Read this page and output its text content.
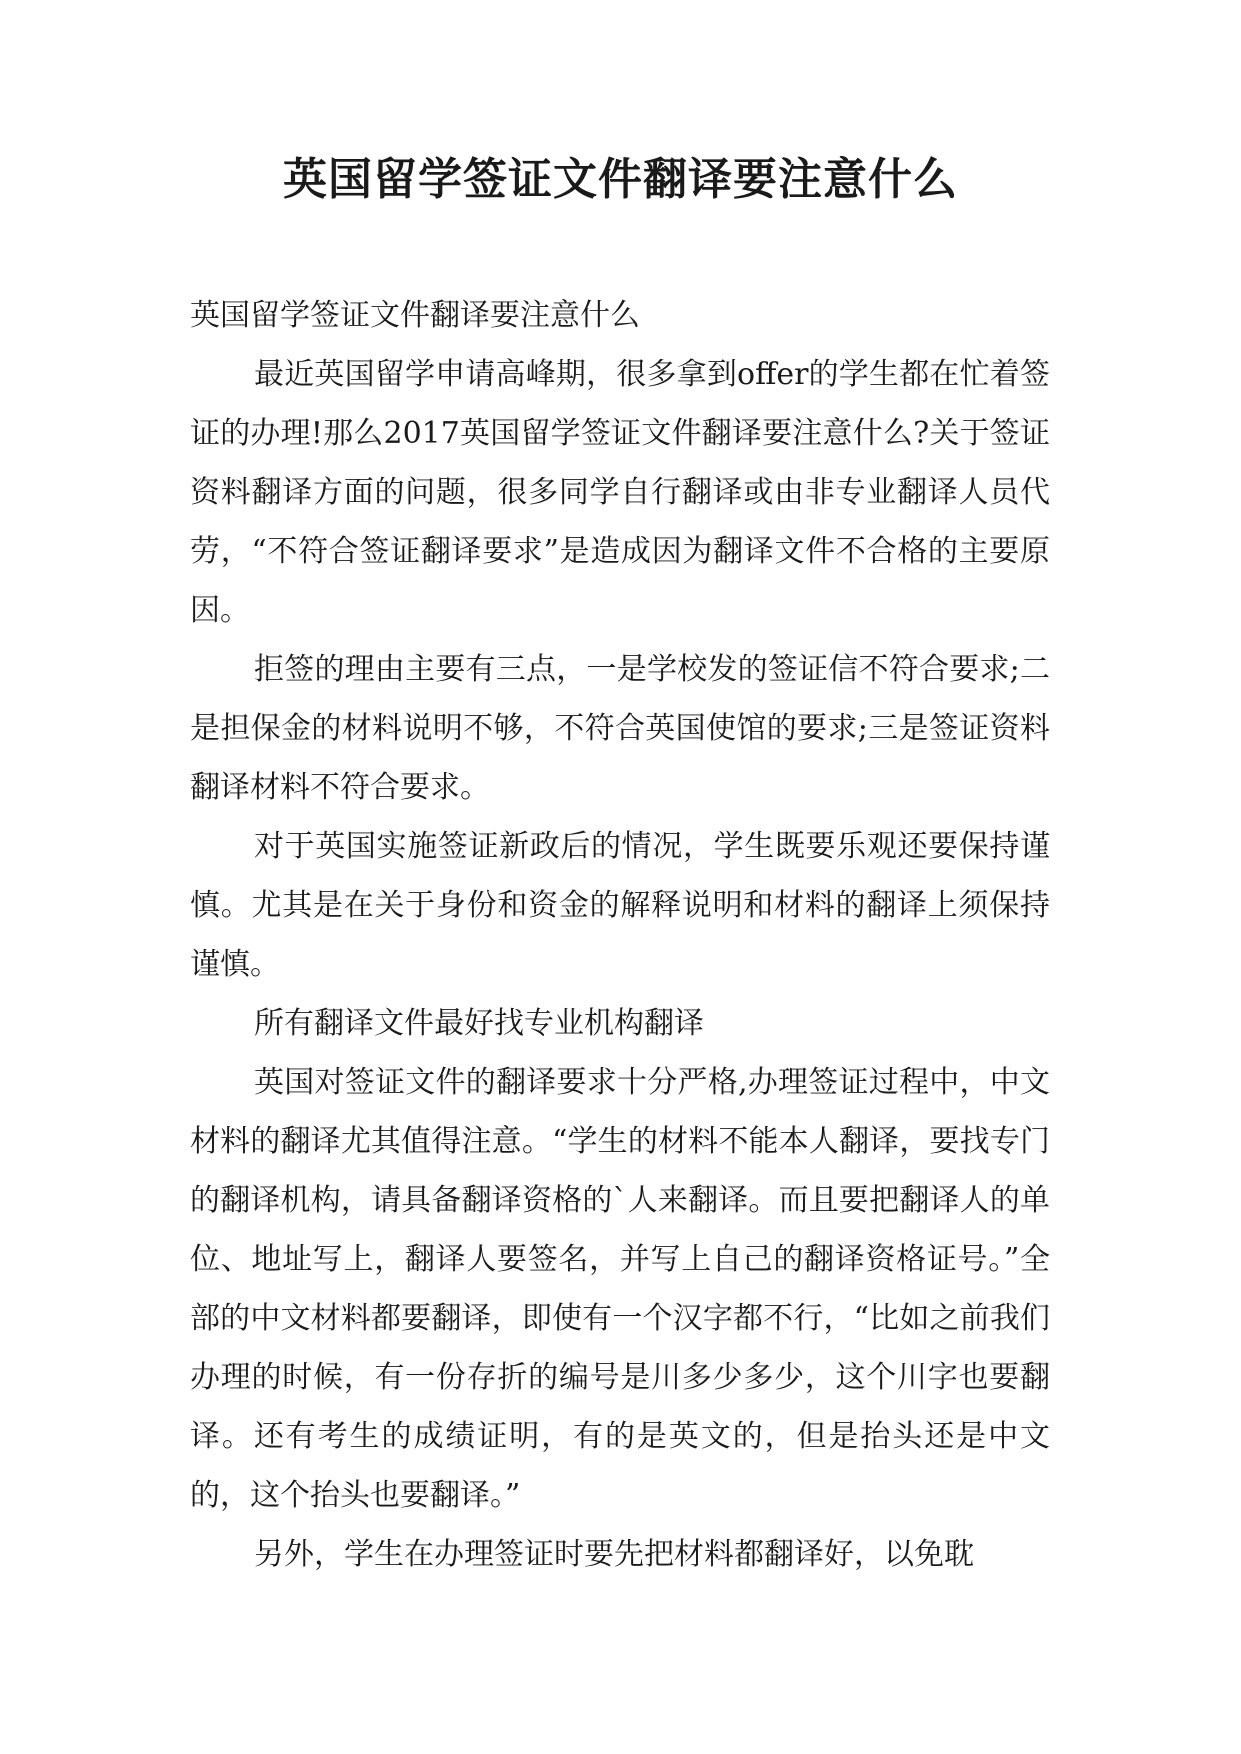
英国留学签证文件翻译要注意什么

英国留学签证文件翻译要注意什么

最近英国留学申请高峰期，很多拿到offer的学生都在忙着签证的办理!那么2017英国留学签证文件翻译要注意什么?关于签证资料翻译方面的问题，很多同学自行翻译或由非专业翻译人员代劳，“不符合签证翻译要求”是造成因为翻译文件不合格的主要原因。

拒签的理由主要有三点，一是学校发的签证信不符合要求;二是担保金的材料说明不够，不符合英国使馆的要求;三是签证资料翻译材料不符合要求。

对于英国实施签证新政后的情况，学生既要乐观还要保持谨慎。尤其是在关于身份和资金的解释说明和材料的翻译上须保持谨慎。

所有翻译文件最好找专业机构翻译

英国对签证文件的翻译要求十分严格,办理签证过程中，中文材料的翻译尤其值得注意。“学生的材料不能本人翻译，要找专门的翻译机构，请具备翻译资格的`人来翻译。而且要把翻译人的单位、地址写上，翻译人要签名，并写上自己的翻译资格证号。”全部的中文材料都要翻译，即使有一个汉字都不行，“比如之前我们办理的时候，有一份存折的编号是川多少多少，这个川字也要翻译。还有考生的成绩证明，有的是英文的，但是抬头还是中文的，这个抬头也要翻译。”

另外，学生在办理签证时要先把材料都翻译好，以免耽
